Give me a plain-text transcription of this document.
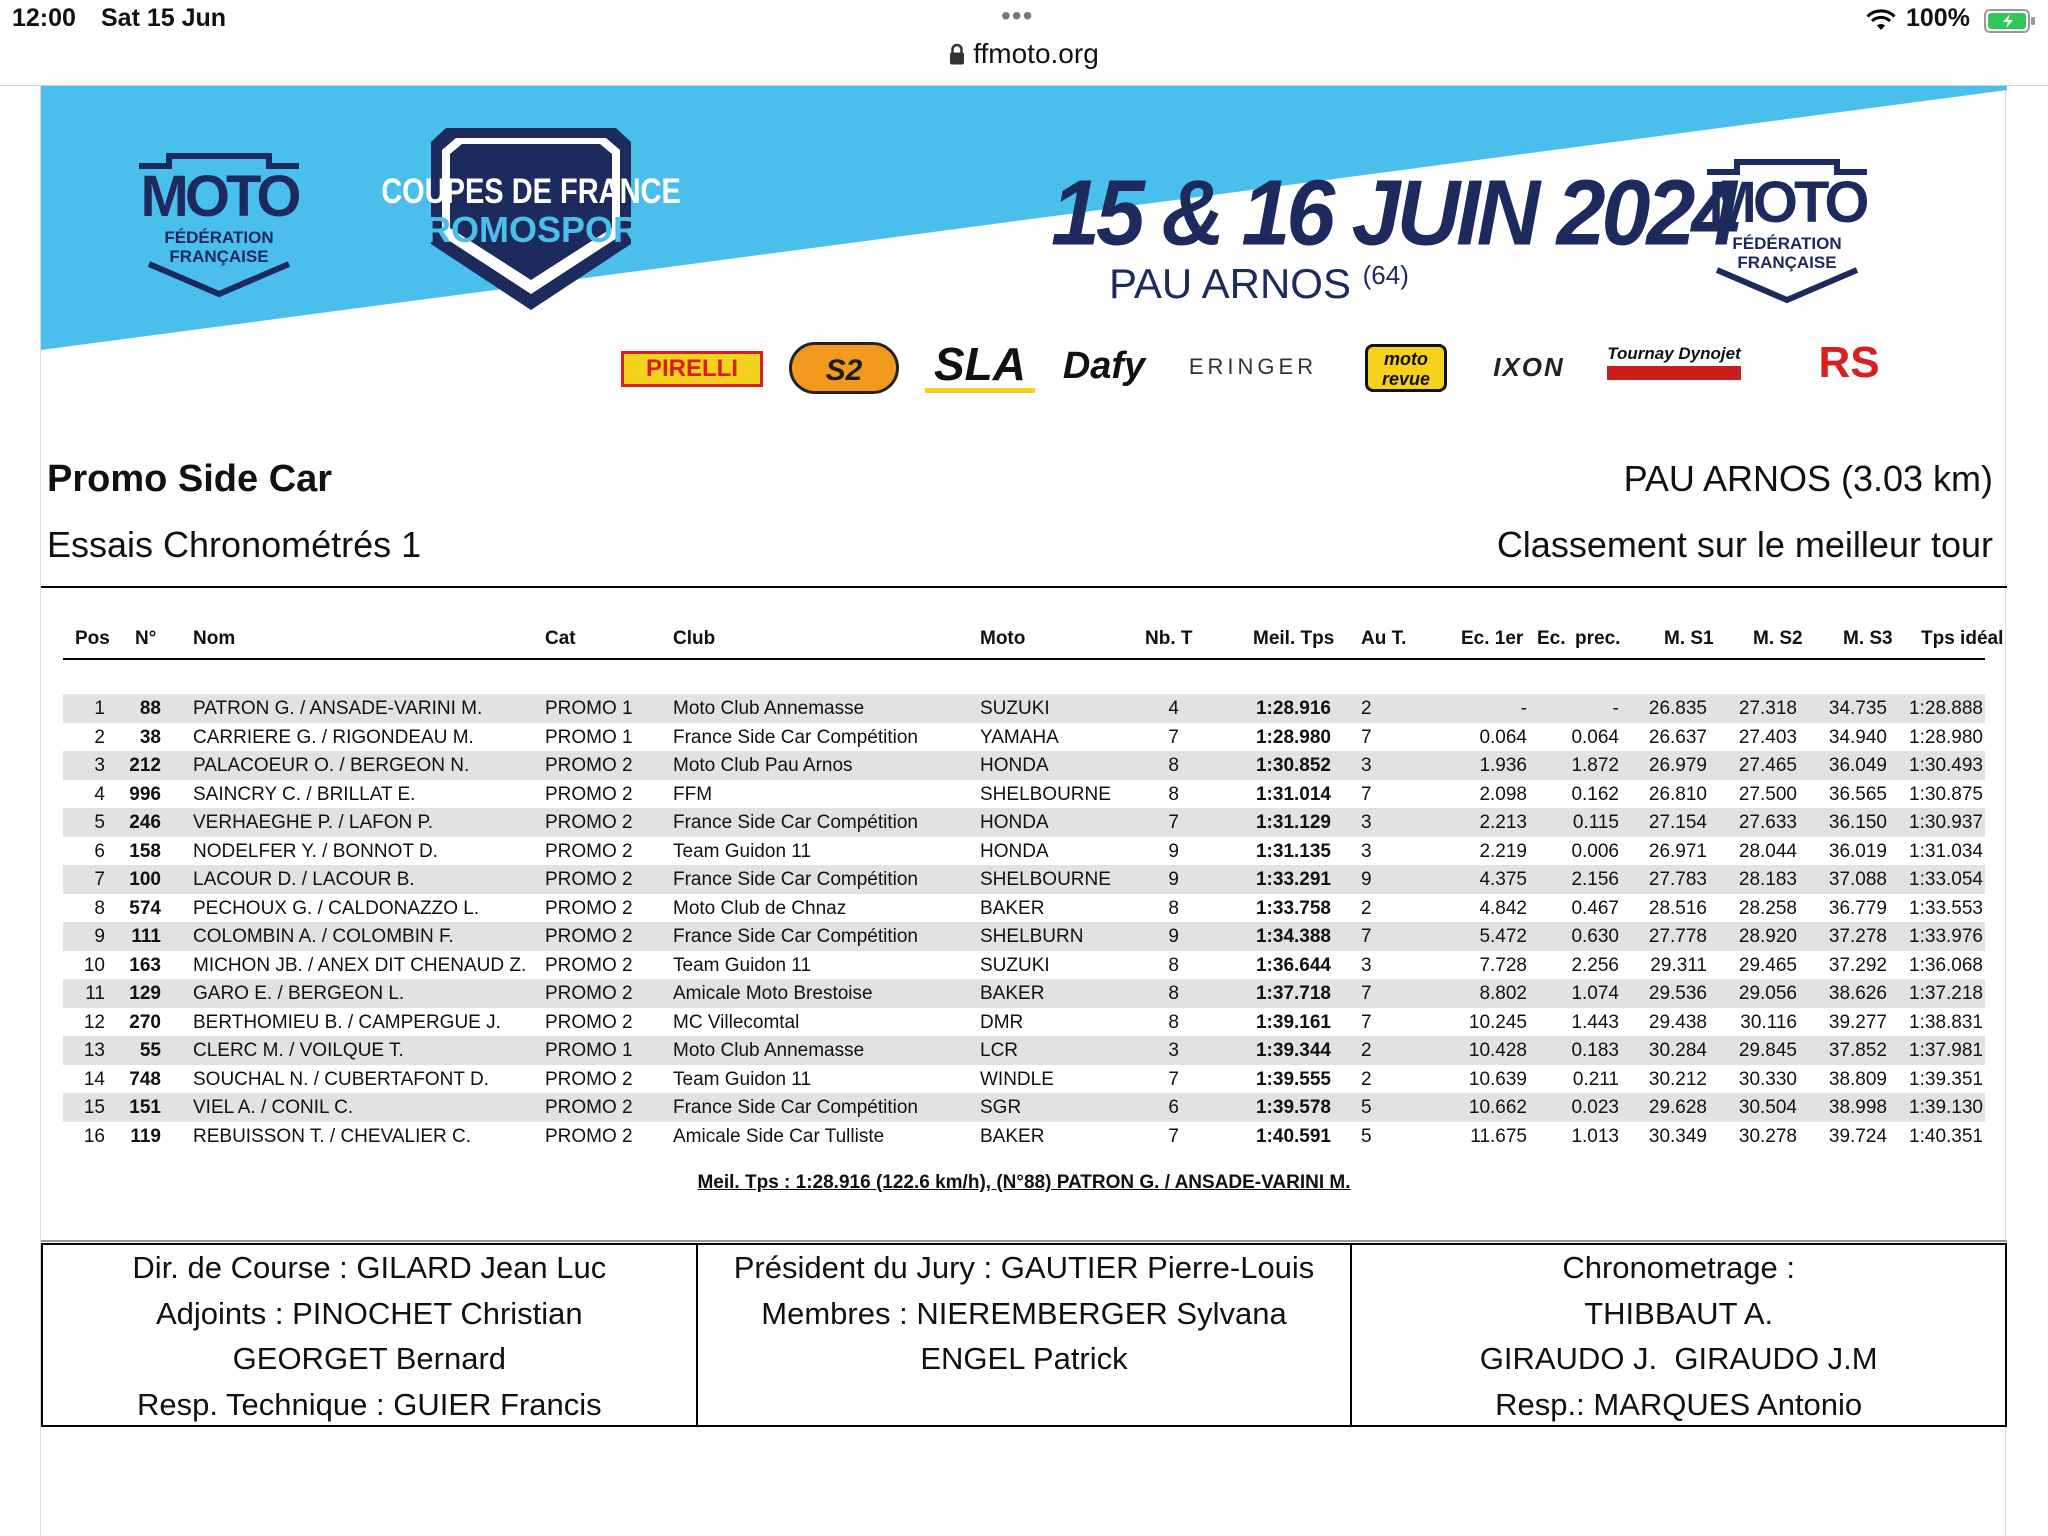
12:00 Sat 15 Jun	•••	100%
ffmoto.org
MOTO
FÉDÉRATION
FRANÇAISE
COUPES DE FRANCE
PROMOSPORT	15 & 16 JUIN 2024
PAU ARNOS $^{(64)}$
MOTO
FÉDÉRATION
FRANÇAISE
PIRELLI	S2	SLA Dafy	ERINGER	moto revue	IXON	Tournay Dynojet	RS
Promo Side Car
Essais Chronométrés 1
PAU ARNOS (3.03 km)
Classement sur le meilleur tour
Pos N° Nom	Cat	Club	Moto	Nb. T	Meil. Tps Au T.	Ec. 1er Ec. prec. M. S1 M. S2 M. S3 Tps idéal
1	88 PATRON G. / ANSADE-VARINI M.	PROMO 1 Moto Club Annemasse	SUZUKI	4	1:28.916 2	-	-	26.835	27.318	34.735	1:28.888
2	38 CARRIERE G. / RIGONDEAU M.	PROMO 1 France Side Car Compétition	YAMAHA	7	1:28.980 7	0.064	0.064	26.637	27.403	34.940	1:28.980
3	212 PALACOEUR O. / BERGEON N.	PROMO 2 Moto Club Pau Arnos	HONDA	8	1:30.852 3	1.936	1.872	26.979	27.465	36.049	1:30.493
4	996 SAINCRY C. / BRILLAT E.	PROMO 2 FFM	SHELBOURNE	8	1:31.014 7	2.098	0.162	26.810	27.500	36.565	1:30.875
5	246 VERHAEGHE P. / LAFON P.	PROMO 2 France Side Car Compétition	HONDA	7	1:31.129 3	2.213	0.115	27.154	27.633	36.150	1:30.937
6	158 NODELFER Y. / BONNOT D.	PROMO 2 Team Guidon 11	HONDA	9	1:31.135 3	2.219	0.006	26.971	28.044	36.019	1:31.034
7	100 LACOUR D. / LACOUR B.	PROMO 2 France Side Car Compétition	SHELBOURNE	9	1:33.291 9	4.375	2.156	27.783	28.183	37.088	1:33.054
8	574 PECHOUX G. / CALDONAZZO L.	PROMO 2 Moto Club de Chnaz	BAKER	8	1:33.758 2	4.842	0.467	28.516	28.258	36.779	1:33.553
9	111 COLOMBIN A. / COLOMBIN F.	PROMO 2 France Side Car Compétition	SHELBURN	9	1:34.388 7	5.472	0.630	27.778	28.920	37.278	1:33.976
10	163 MICHON JB. / ANEX DIT CHENAUD Z. PROMO 2 Team Guidon 11	SUZUKI	8	1:36.644 3	7.728	2.256	29.311	29.465	37.292	1:36.068
11	129 GARO E. / BERGEON L.	PROMO 2 Amicale Moto Brestoise	BAKER	8	1:37.718 7	8.802	1.074	29.536	29.056	38.626	1:37.218
12	270 BERTHOMIEU B. / CAMPERGUE J. PROMO 2 MC Villecomtal	DMR	8	1:39.161 7	10.245	1.443	29.438	30.116	39.277	1:38.831
13	55 CLERC M. / VOILQUE T.	PROMO 1 Moto Club Annemasse	LCR	3	1:39.344 2	10.428	0.183	30.284	29.845	37.852	1:37.981
14	748 SOUCHAL N. / CUBERTAFONT D.	PROMO 2 Team Guidon 11	WINDLE	7	1:39.555 2	10.639	0.211	30.212	30.330	38.809	1:39.351
15	151 VIEL A. / CONIL C.	PROMO 2 France Side Car Compétition	SGR	6	1:39.578 5	10.662	0.023	29.628	30.504	38.998	1:39.130
16	119 REBUISSON T. / CHEVALIER C.	PROMO 2 Amicale Side Car Tulliste	BAKER	7	1:40.591 5	11.675	1.013	30.349	30.278	39.724	1:40.351
Meil. Tps : 1:28.916 (122.6 km/h), (N°88) PATRON G. / ANSADE-VARINI M.
Dir. de Course : GILARD Jean Luc
Adjoints : PINOCHET Christian
GEORGET Bernard
Resp. Technique : GUIER Francis
Président du Jury : GAUTIER Pierre-Louis
Membres : NIEREMBERGER Sylvana
ENGEL Patrick
Chronometrage :
THIBBAUT A.
GIRAUDO J.  GIRAUDO J.M
Resp.: MARQUES Antonio
